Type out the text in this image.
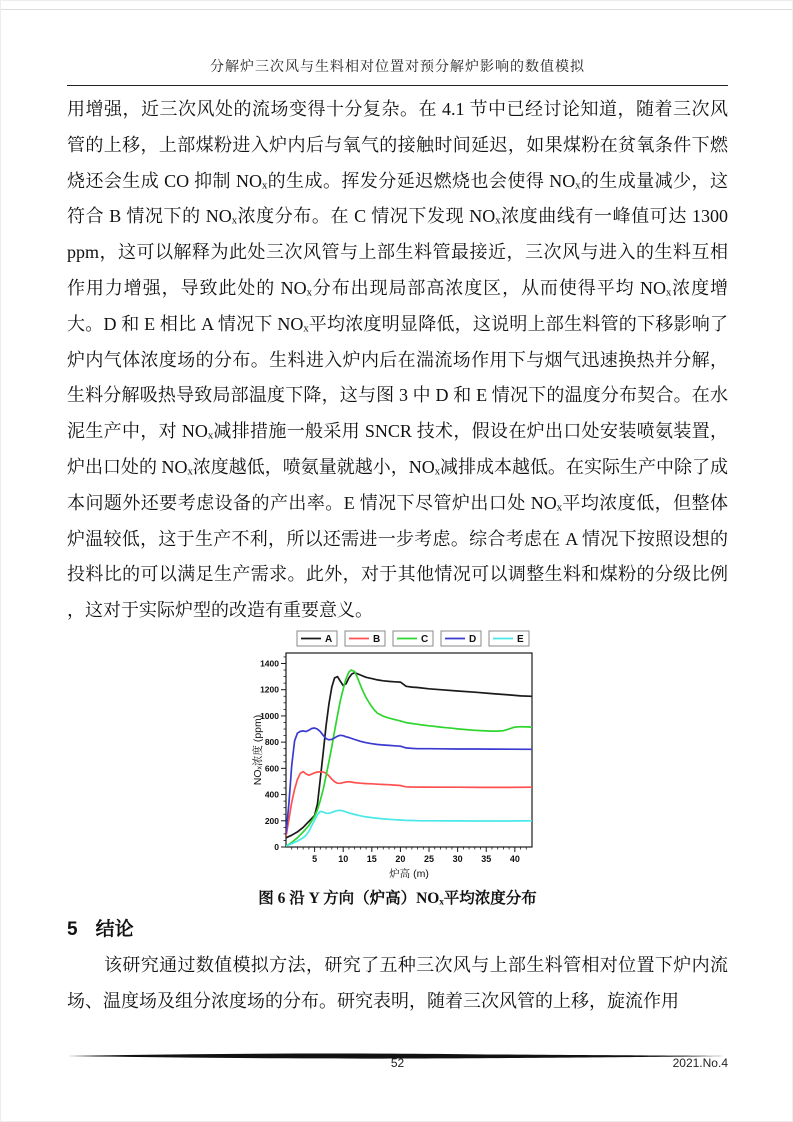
分解炉三次风与生料相对位置对预分解炉影响的数值模拟
用增强，近三次风处的流场变得十分复杂。在 4.1 节中已经讨论知道，随着三次风管的上移，上部煤粉进入炉内后与氧气的接触时间延迟，如果煤粉在贫氧条件下燃烧还会生成 CO 抑制 NOₓ的生成。挥发分延迟燃烧也会使得 NOₓ的生成量减少，这符合 B 情况下的 NOₓ浓度分布。在 C 情况下发现 NOₓ浓度曲线有一峰值可达 1300 ppm，这可以解释为此处三次风管与上部生料管最接近，三次风与进入的生料互相作用力增强，导致此处的 NOₓ分布出现局部高浓度区，从而使得平均 NOₓ浓度增大。D 和 E 相比 A 情况下 NOₓ平均浓度明显降低，这说明上部生料管的下移影响了炉内气体浓度场的分布。生料进入炉内后在湍流场作用下与烟气迅速换热并分解，生料分解吸热导致局部温度下降，这与图 3 中 D 和 E 情况下的温度分布契合。在水泥生产中，对 NOₓ减排措施一般采用 SNCR 技术，假设在炉出口处安装喷氨装置，炉出口处的 NOₓ浓度越低，喷氨量就越小，NOₓ减排成本越低。在实际生产中除了成本问题外还要考虑设备的产出率。E 情况下尽管炉出口处 NOₓ平均浓度低，但整体炉温较低，这于生产不利，所以还需进一步考虑。综合考虑在 A 情况下按照设想的投料比的可以满足生产需求。此外，对于其他情况可以调整生料和煤粉的分级比例 ，这对于实际炉型的改造有重要意义。
5 10 15 20 25 30 35 40
0
200
400
600
800
1000
1200
1400
炉高 (m)
NOₓ浓度 (ppm)
A	B	C	D	E
图 6 沿 Y 方向（炉高）NOₓ平均浓度分布
5 结论
该研究通过数值模拟方法，研究了五种三次风与上部生料管相对位置下炉内流场、温度场及组分浓度场的分布。研究表明，随着三次风管的上移，旋流作用
52	2021.No.4
